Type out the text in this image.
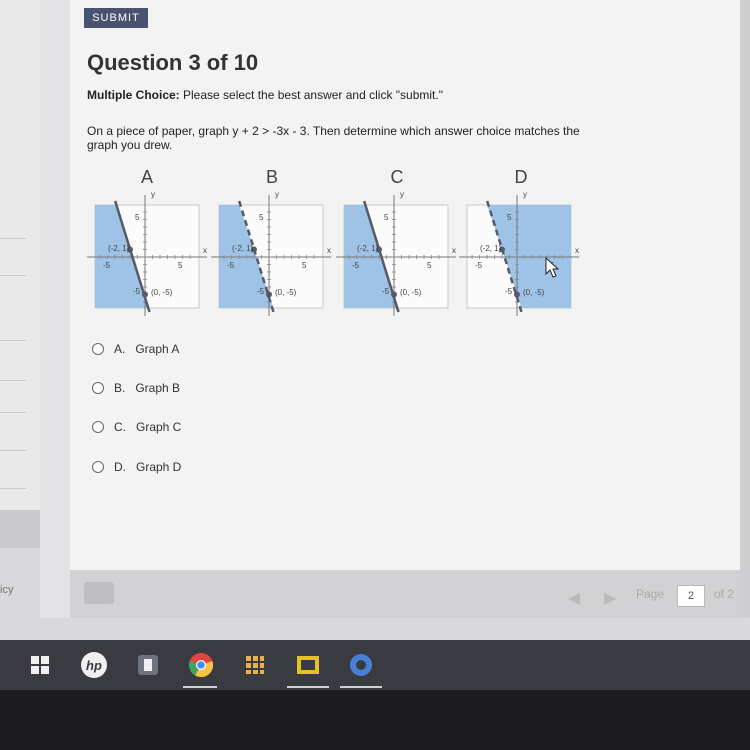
icy
SUBMIT
Question 3 of 10
Multiple Choice: Please select the best answer and click "submit."
On a piece of paper, graph y + 2 > -3x - 3. Then determine which answer choice matches the graph you drew.
A
y
x
5
-5	5
-5
(-2, 1)
(0, -5)
B
y
x
5
-5	5
-5
(-2, 1)
(0, -5)
C
y
x
5
-5	5
-5
(-2, 1)
(0, -5)
D
y
x
5
-5
-5
(-2, 1)
(0, -5)
A. Graph A
B. Graph B
C. Graph C
D. Graph D
◀ ▶ Page	2	of 2
hp
